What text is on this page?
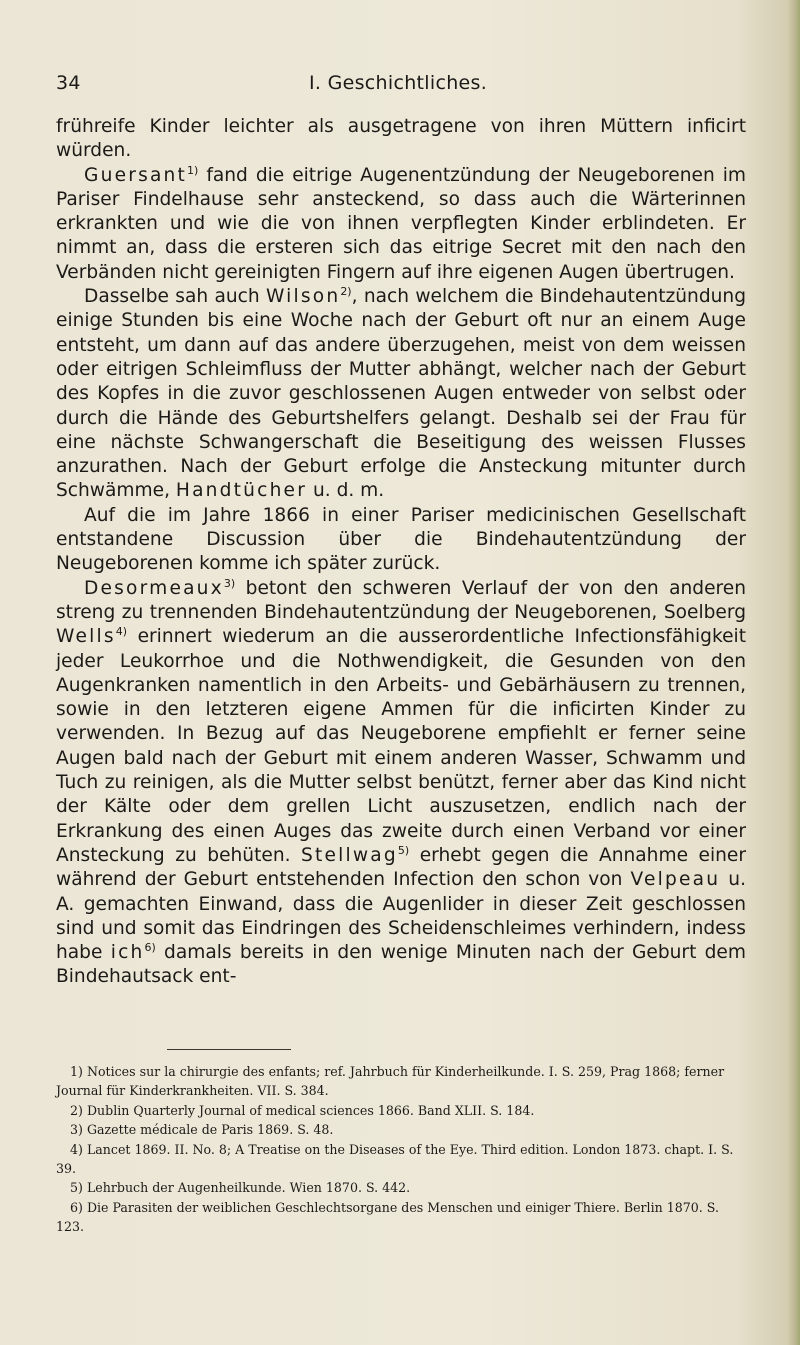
34	I. Geschichtliches.

frühreife Kinder leichter als ausgetragene von ihren Müttern inficirt würden.

Guersant$^{1)}$ fand die eitrige Augenentzündung der Neugeborenen im Pariser Findelhause sehr ansteckend, so dass auch die Wärterinnen erkrankten und wie die von ihnen verpflegten Kinder erblindeten. Er nimmt an, dass die ersteren sich das eitrige Secret mit den nach den Verbänden nicht gereinigten Fingern auf ihre eigenen Augen übertrugen.

Dasselbe sah auch Wilson$^{2)}$, nach welchem die Bindehautentzündung einige Stunden bis eine Woche nach der Geburt oft nur an einem Auge entsteht, um dann auf das andere überzugehen, meist von dem weissen oder eitrigen Schleimfluss der Mutter abhängt, welcher nach der Geburt des Kopfes in die zuvor geschlossenen Augen entweder von selbst oder durch die Hände des Geburtshelfers gelangt. Deshalb sei der Frau für eine nächste Schwangerschaft die Beseitigung des weissen Flusses anzurathen. Nach der Geburt erfolge die Ansteckung mitunter durch Schwämme, Handtücher u. d. m.

Auf die im Jahre 1866 in einer Pariser medicinischen Gesellschaft entstandene Discussion über die Bindehautentzündung der Neugeborenen komme ich später zurück.

Desormeaux$^{3)}$ betont den schweren Verlauf der von den anderen streng zu trennenden Bindehautentzündung der Neugeborenen, Soelberg Wells$^{4)}$ erinnert wiederum an die ausserordentliche Infectionsfähigkeit jeder Leukorrhoe und die Nothwendigkeit, die Gesunden von den Augenkranken namentlich in den Arbeits- und Gebärhäusern zu trennen, sowie in den letzteren eigene Ammen für die inficirten Kinder zu verwenden. In Bezug auf das Neugeborene empfiehlt er ferner seine Augen bald nach der Geburt mit einem anderen Wasser, Schwamm und Tuch zu reinigen, als die Mutter selbst benützt, ferner aber das Kind nicht der Kälte oder dem grellen Licht auszusetzen, endlich nach der Erkrankung des einen Auges das zweite durch einen Verband vor einer Ansteckung zu behüten. Stellwag$^{5)}$ erhebt gegen die Annahme einer während der Geburt entstehenden Infection den schon von Velpeau u. A. gemachten Einwand, dass die Augenlider in dieser Zeit geschlossen sind und somit das Eindringen des Scheidenschleimes verhindern, indess habe ich$^{6)}$ damals bereits in den wenige Minuten nach der Geburt dem Bindehautsack ent-

1) Notices sur la chirurgie des enfants; ref. Jahrbuch für Kinderheilkunde. I. S. 259, Prag 1868; ferner Journal für Kinderkrankheiten. VII. S. 384.

2) Dublin Quarterly Journal of medical sciences 1866. Band XLII. S. 184.

3) Gazette médicale de Paris 1869. S. 48.

4) Lancet 1869. II. No. 8; A Treatise on the Diseases of the Eye. Third edition. London 1873. chapt. I. S. 39.

5) Lehrbuch der Augenheilkunde. Wien 1870. S. 442.

6) Die Parasiten der weiblichen Geschlechtsorgane des Menschen und einiger Thiere. Berlin 1870. S. 123.
